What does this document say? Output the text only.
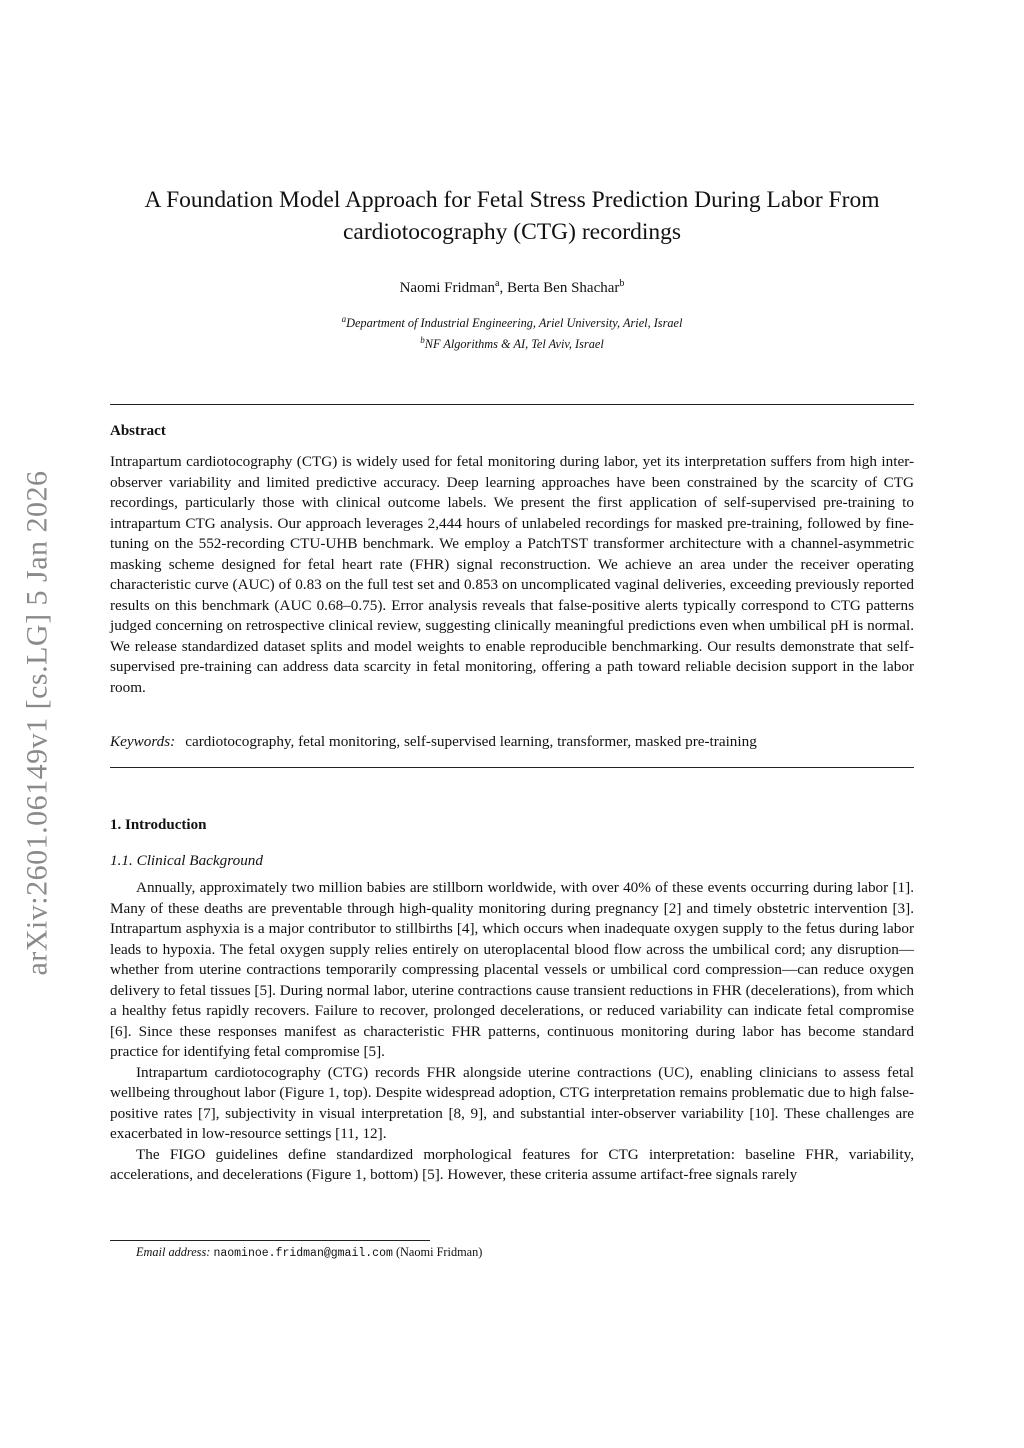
arXiv:2601.06149v1 [cs.LG] 5 Jan 2026
A Foundation Model Approach for Fetal Stress Prediction During Labor From cardiotocography (CTG) recordings
Naomi Fridman$^a$, Berta Ben Shachar$^b$
$^a$Department of Industrial Engineering, Ariel University, Ariel, Israel
$^b$NF Algorithms & AI, Tel Aviv, Israel
Abstract

Intrapartum cardiotocography (CTG) is widely used for fetal monitoring during labor, yet its interpretation suffers from high inter-observer variability and limited predictive accuracy. Deep learning approaches have been constrained by the scarcity of CTG recordings, particularly those with clinical outcome labels. We present the first application of self-supervised pre-training to intrapartum CTG analysis. Our approach leverages 2,444 hours of unlabeled recordings for masked pre-training, followed by fine-tuning on the 552-recording CTU-UHB benchmark. We employ a PatchTST transformer architecture with a channel-asymmetric masking scheme designed for fetal heart rate (FHR) signal reconstruction. We achieve an area under the receiver operating characteristic curve (AUC) of 0.83 on the full test set and 0.853 on uncomplicated vaginal deliveries, exceeding previously reported results on this benchmark (AUC 0.68–0.75). Error analysis reveals that false-positive alerts typically correspond to CTG patterns judged concerning on retrospective clinical review, suggesting clinically meaningful predictions even when umbilical pH is normal. We release standardized dataset splits and model weights to enable reproducible benchmarking. Our results demonstrate that self-supervised pre-training can address data scarcity in fetal monitoring, offering a path toward reliable decision support in the labor room.

Keywords: cardiotocography, fetal monitoring, self-supervised learning, transformer, masked pre-training
1. Introduction
1.1. Clinical Background

Annually, approximately two million babies are stillborn worldwide, with over 40% of these events occurring during labor [1]. Many of these deaths are preventable through high-quality monitoring during pregnancy [2] and timely obstetric intervention [3]. Intrapartum asphyxia is a major contributor to stillbirths [4], which occurs when inadequate oxygen supply to the fetus during labor leads to hypoxia. The fetal oxygen supply relies entirely on uteroplacental blood flow across the umbilical cord; any disruption—whether from uterine contractions temporarily compressing placental vessels or umbilical cord compression—can reduce oxygen delivery to fetal tissues [5]. During normal labor, uterine contractions cause transient reductions in FHR (decelerations), from which a healthy fetus rapidly recovers. Failure to recover, prolonged decelerations, or reduced variability can indicate fetal compromise [6]. Since these responses manifest as characteristic FHR patterns, continuous monitoring during labor has become standard practice for identifying fetal compromise [5].

Intrapartum cardiotocography (CTG) records FHR alongside uterine contractions (UC), enabling clinicians to assess fetal wellbeing throughout labor (Figure 1, top). Despite widespread adoption, CTG interpretation remains problematic due to high false-positive rates [7], subjectivity in visual interpretation [8, 9], and substantial inter-observer variability [10]. These challenges are exacerbated in low-resource settings [11, 12].

The FIGO guidelines define standardized morphological features for CTG interpretation: baseline FHR, variability, accelerations, and decelerations (Figure 1, bottom) [5]. However, these criteria assume artifact-free signals rarely

Email address: naominoe.fridman@gmail.com (Naomi Fridman)
